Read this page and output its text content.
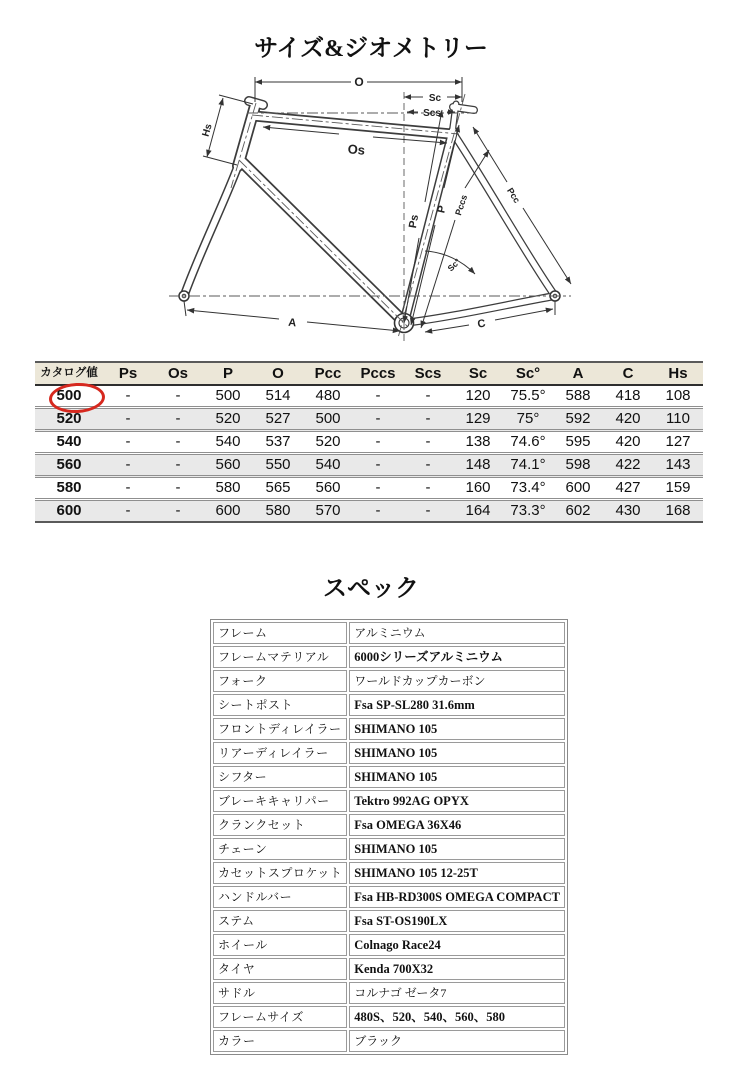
サイズ&ジオメトリー
O
Sc
Scs
Hs
Os
Ps
P Pccs	Pcc
Sc°
A	C
カタログ値	Ps	Os	P	O	Pcc	Pccs	Scs	Sc	Sc°	A	C	Hs
500	-	-	500	514	480	-	-	120	75.5°	588	418	108
520	-	-	520	527	500	-	-	129	75°	592	420	110
540	-	-	540	537	520	-	-	138	74.6°	595	420	127
560	-	-	560	550	540	-	-	148	74.1°	598	422	143
580	-	-	580	565	560	-	-	160	73.4°	600	427	159
600	-	-	600	580	570	-	-	164	73.3°	602	430	168
スペック
フレーム	アルミニウム
フレームマテリアル	6000シリーズアルミニウム
フォーク	ワールドカップカーボン
シートポスト	Fsa SP-SL280 31.6mm
フロントディレイラー	SHIMANO 105
リアーディレイラー	SHIMANO 105
シフター	SHIMANO 105
ブレーキキャリパー	Tektro 992AG OPYX
クランクセット	Fsa OMEGA 36X46
チェーン	SHIMANO 105
カセットスプロケット	SHIMANO 105 12-25T
ハンドルバー	Fsa HB-RD300S OMEGA COMPACT
ステム	Fsa ST-OS190LX
ホイール	Colnago Race24
タイヤ	Kenda 700X32
サドル	コルナゴ ゼータ7
フレームサイズ	480S、520、540、560、580
カラー	ブラック
